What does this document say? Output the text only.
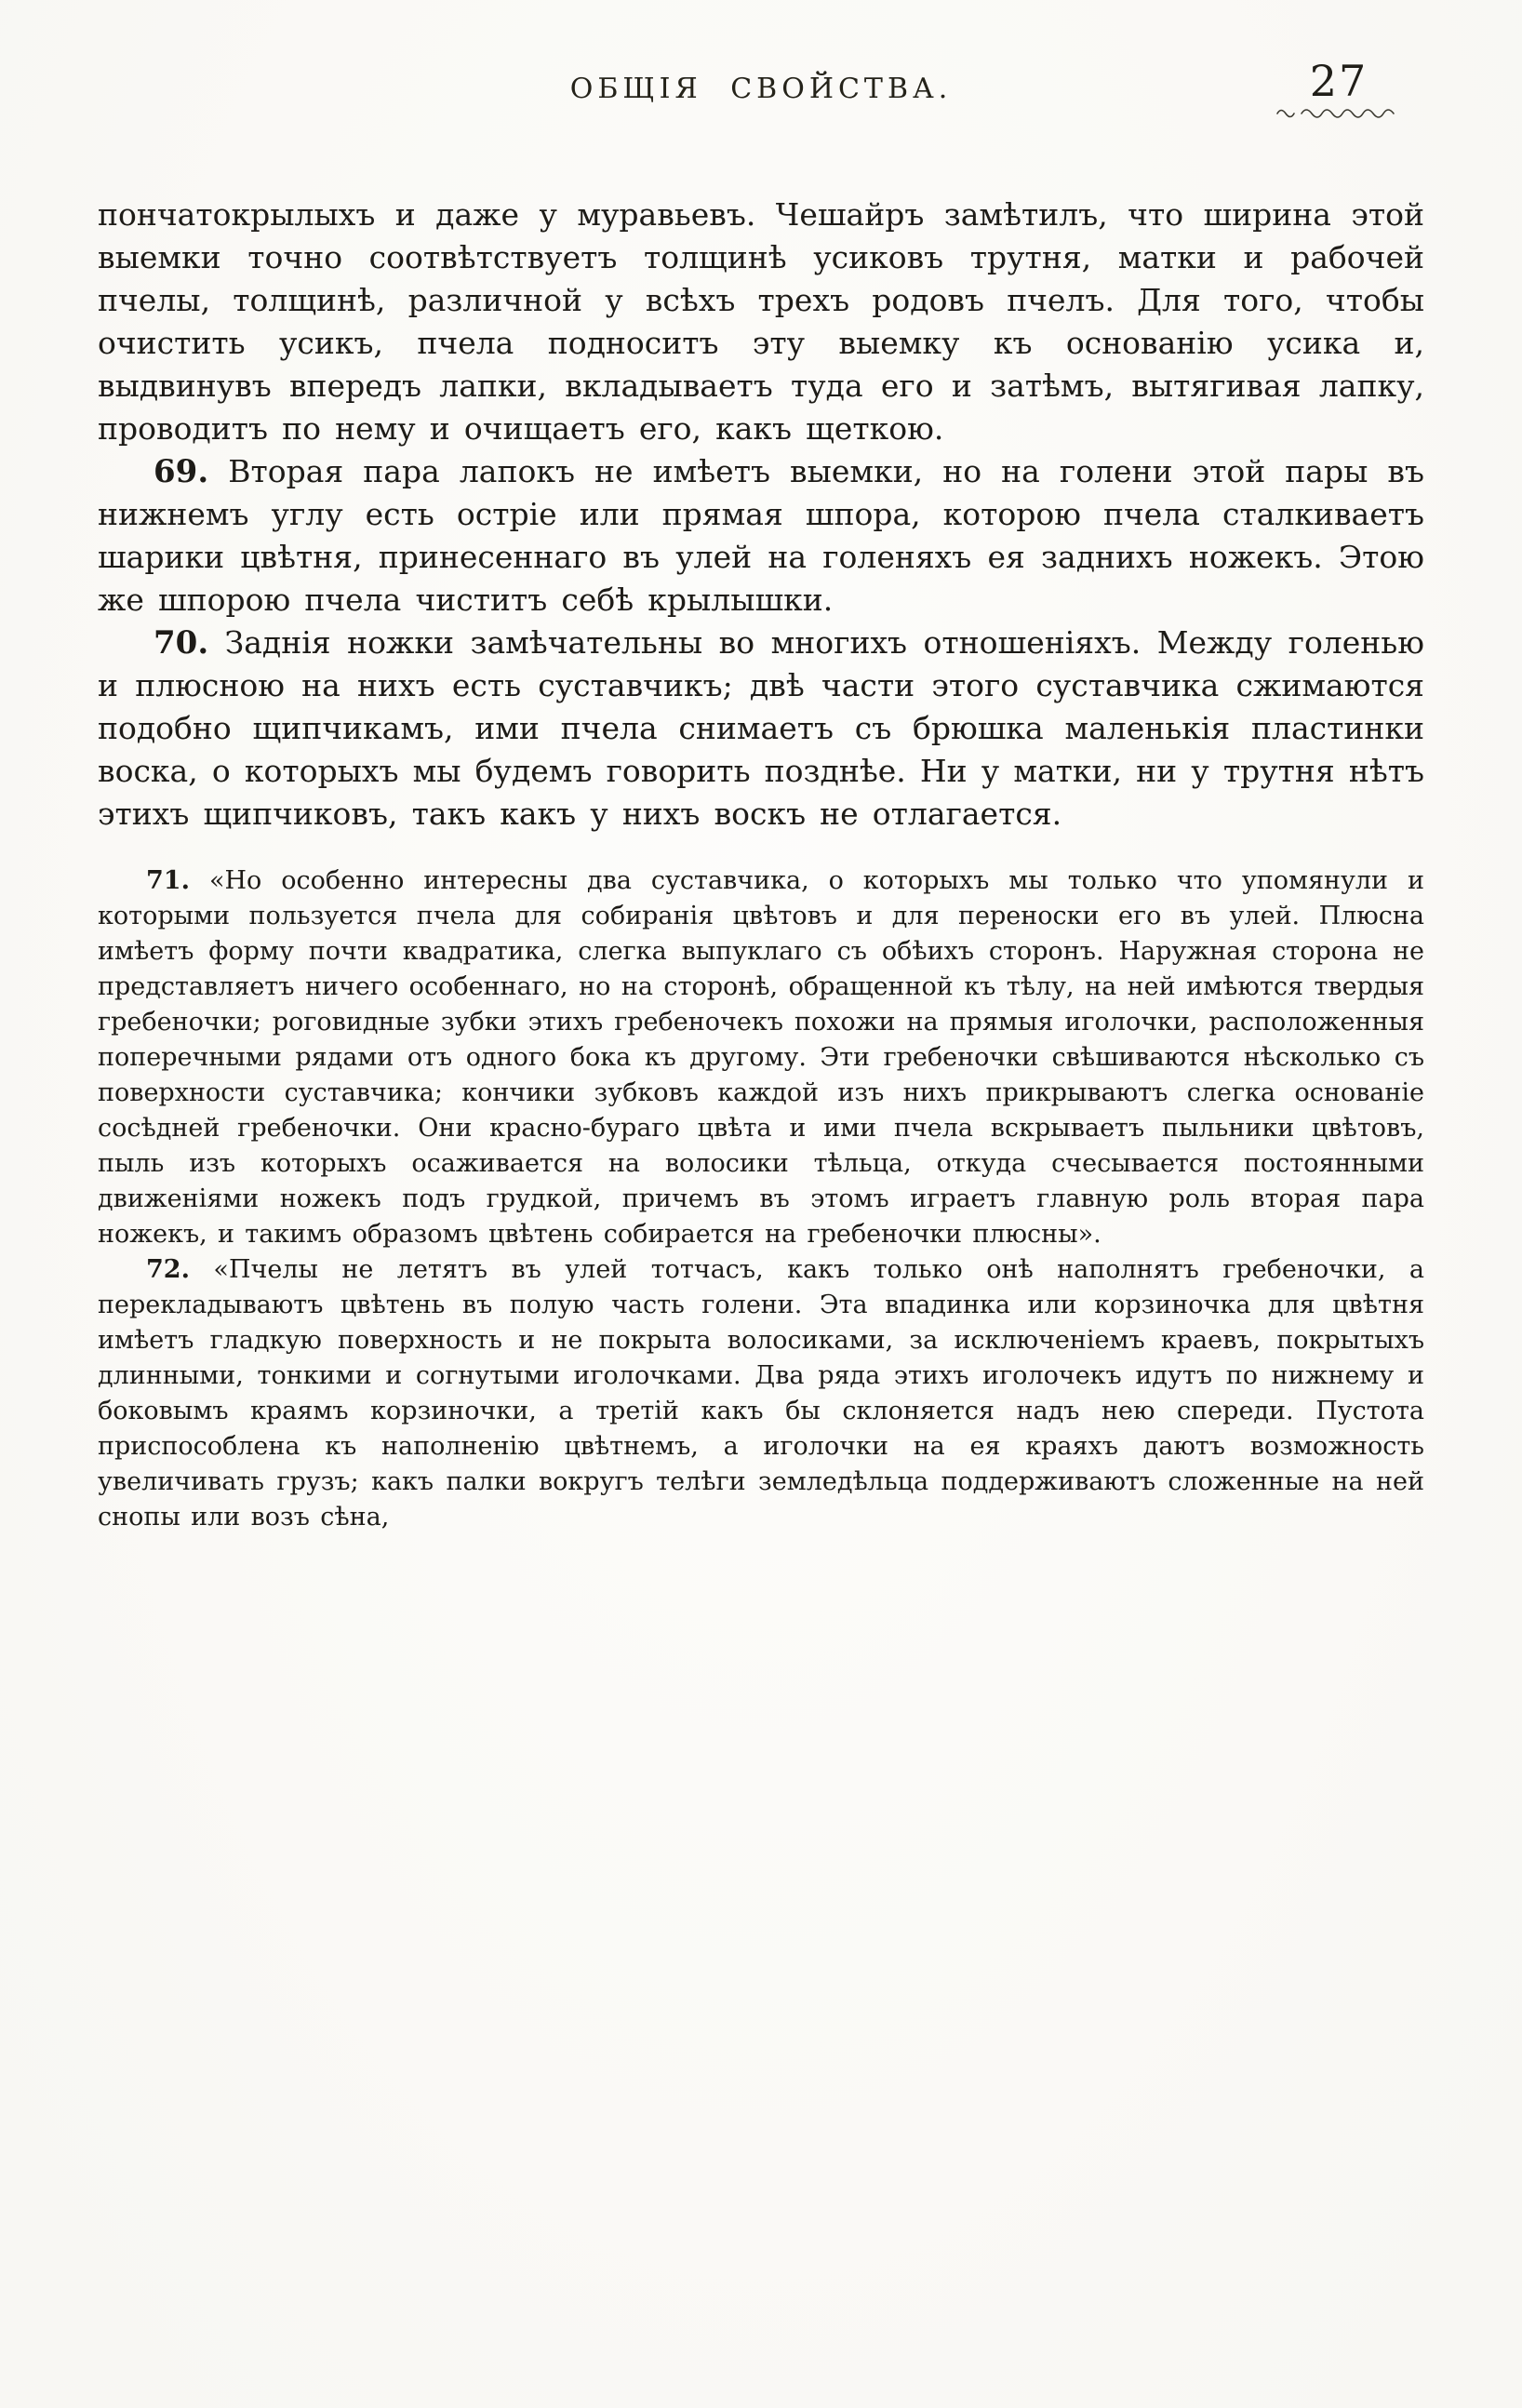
ОБЩІЯ СВОЙСТВА.	27

пончатокрылыхъ и даже у муравьевъ. Чешайръ замѣтилъ, что ширина этой выемки точно соотвѣтствуетъ толщинѣ усиковъ трутня, матки и рабочей пчелы, толщинѣ, различной у всѣхъ трехъ родовъ пчелъ. Для того, чтобы очистить усикъ, пчела подноситъ эту выемку къ основанію усика и, выдвинувъ впередъ лапки, вкладываетъ туда его и затѣмъ, вытягивая лапку, проводитъ по нему и очищаетъ его, какъ щеткою.

69. Вторая пара лапокъ не имѣетъ выемки, но на голени этой пары въ нижнемъ углу есть остріе или прямая шпора, которою пчела сталкиваетъ шарики цвѣтня, принесеннаго въ улей на голеняхъ ея заднихъ ножекъ. Этою же шпорою пчела чиститъ себѣ крылышки.

70. Заднія ножки замѣчательны во многихъ отношеніяхъ. Между голенью и плюсною на нихъ есть суставчикъ; двѣ части этого суставчика сжимаются подобно щипчикамъ, ими пчела снимаетъ съ брюшка маленькія пластинки воска, о которыхъ мы будемъ говорить позднѣе. Ни у матки, ни у трутня нѣтъ этихъ щипчиковъ, такъ какъ у нихъ воскъ не отлагается.

71. «Но особенно интересны два суставчика, о которыхъ мы только что упомянули и которыми пользуется пчела для собиранія цвѣтовъ и для переноски его въ улей. Плюсна имѣетъ форму почти квадратика, слегка выпуклаго съ обѣихъ сторонъ. Наружная сторона не представляетъ ничего особеннаго, но на сторонѣ, обращенной къ тѣлу, на ней имѣются твердыя гребеночки; роговидные зубки этихъ гребеночекъ похожи на прямыя иголочки, расположенныя поперечными рядами отъ одного бока къ другому. Эти гребеночки свѣшиваются нѣсколько съ поверхности суставчика; кончики зубковъ каждой изъ нихъ прикрываютъ слегка основаніе сосѣдней гребеночки. Они красно-бураго цвѣта и ими пчела вскрываетъ пыльники цвѣтовъ, пыль изъ которыхъ осаживается на волосики тѣльца, откуда счесывается постоянными движеніями ножекъ подъ грудкой, причемъ въ этомъ играетъ главную роль вторая пара ножекъ, и такимъ образомъ цвѣтень собирается на гребеночки плюсны».

72. «Пчелы не летятъ въ улей тотчасъ, какъ только онѣ наполнятъ гребеночки, а перекладываютъ цвѣтень въ полую часть голени. Эта впадинка или корзиночка для цвѣтня имѣетъ гладкую поверхность и не покрыта волосиками, за исключеніемъ краевъ, покрытыхъ длинными, тонкими и согнутыми иголочками. Два ряда этихъ иголочекъ идутъ по нижнему и боковымъ краямъ корзиночки, а третій какъ бы склоняется надъ нею спереди. Пустота приспособлена къ наполненію цвѣтнемъ, а иголочки на ея краяхъ даютъ возможность увеличивать грузъ; какъ палки вокругъ телѣги земледѣльца поддерживаютъ сложенные на ней снопы или возъ сѣна,
